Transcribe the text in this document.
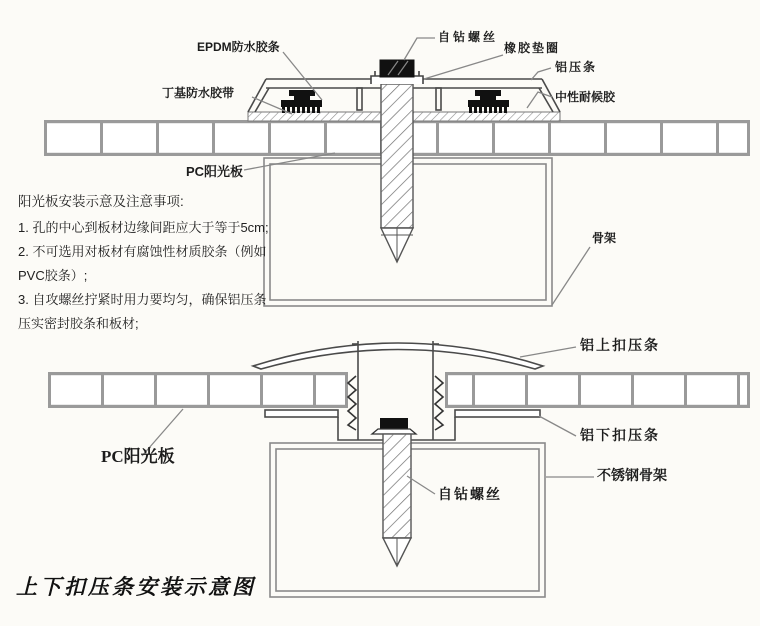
EPDM防水胶条
丁基防水胶带
自钻螺丝
橡胶垫圈
铝压条
中性耐候胶
PC阳光板
骨架
阳光板安装示意及注意事项:
1. 孔的中心到板材边缘间距应大于等于5cm;
2. 不可选用对板材有腐蚀性材质胶条（例如
PVC胶条）;
3. 自攻螺丝拧紧时用力要均匀，确保铝压条
压实密封胶条和板材;
铝上扣压条
铝下扣压条
不锈钢骨架
PC阳光板
自钻螺丝
上下扣压条安装示意图
